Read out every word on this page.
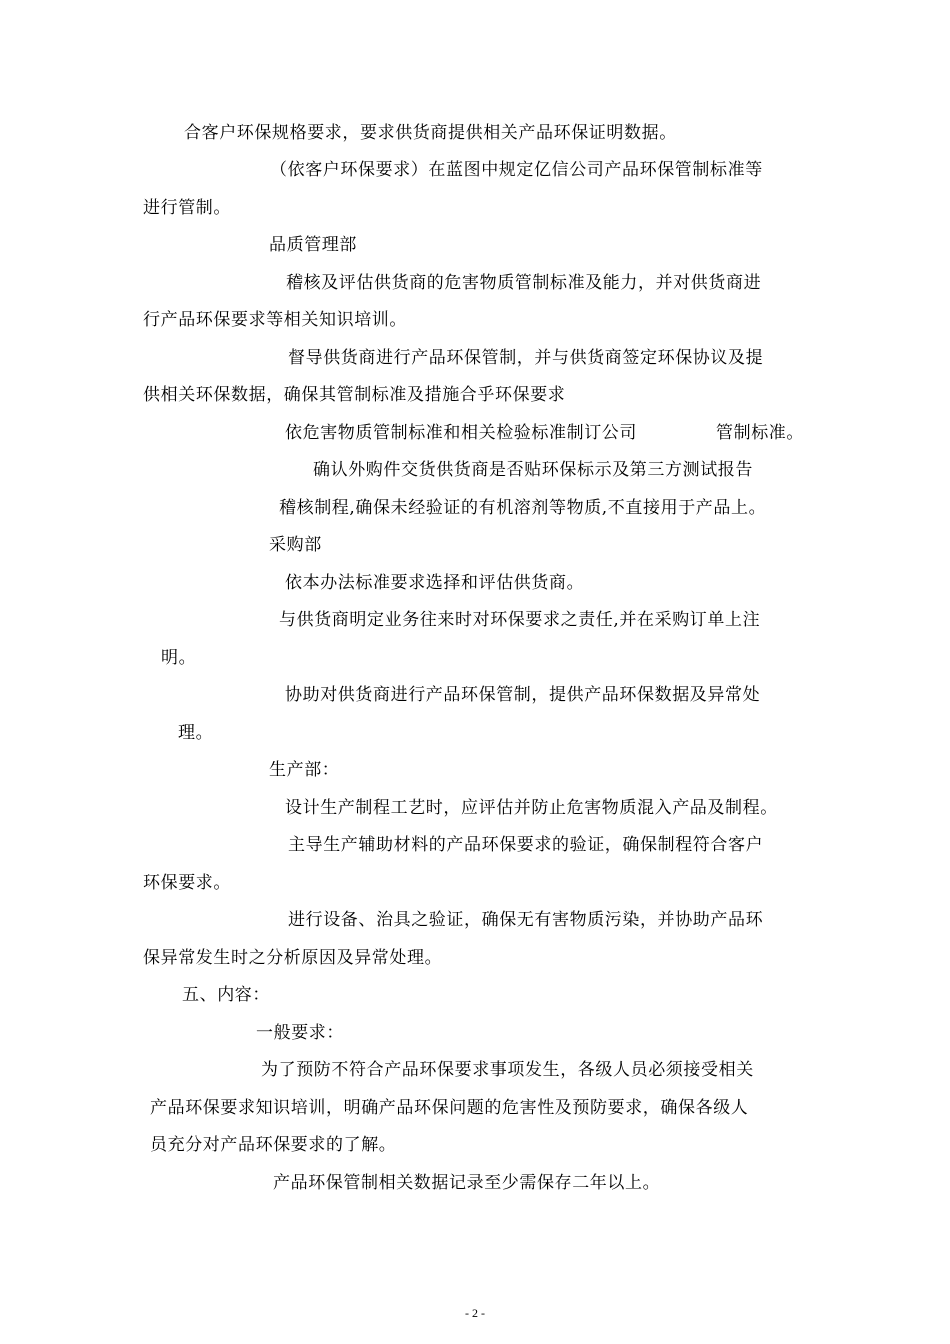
合客户环保规格要求，要求供货商提供相关产品环保证明数据。
（依客户环保要求）在蓝图中规定亿信公司产品环保管制标准等
进行管制。
品质管理部
稽核及评估供货商的危害物质管制标准及能力，并对供货商进
行产品环保要求等相关知识培训。
督导供货商进行产品环保管制，并与供货商签定环保协议及提
供相关环保数据，确保其管制标准及措施合乎环保要求
依危害物质管制标准和相关检验标准制订公司	管制标准。
确认外购件交货供货商是否贴环保标示及第三方测试报告
稽核制程,确保未经验证的有机溶剂等物质,不直接用于产品上。
采购部
依本办法标准要求选择和评估供货商。
与供货商明定业务往来时对环保要求之责任,并在采购订单上注
明。
协助对供货商进行产品环保管制，提供产品环保数据及异常处
理。
生产部：
设计生产制程工艺时，应评估并防止危害物质混入产品及制程。
主导生产辅助材料的产品环保要求的验证，确保制程符合客户
环保要求。
进行设备、治具之验证，确保无有害物质污染，并协助产品环
保异常发生时之分析原因及异常处理。
五、内容：
一般要求：
为了预防不符合产品环保要求事项发生，各级人员必须接受相关
产品环保要求知识培训，明确产品环保问题的危害性及预防要求，确保各级人
员充分对产品环保要求的了解。
产品环保管制相关数据记录至少需保存二年以上。
- 2 -
